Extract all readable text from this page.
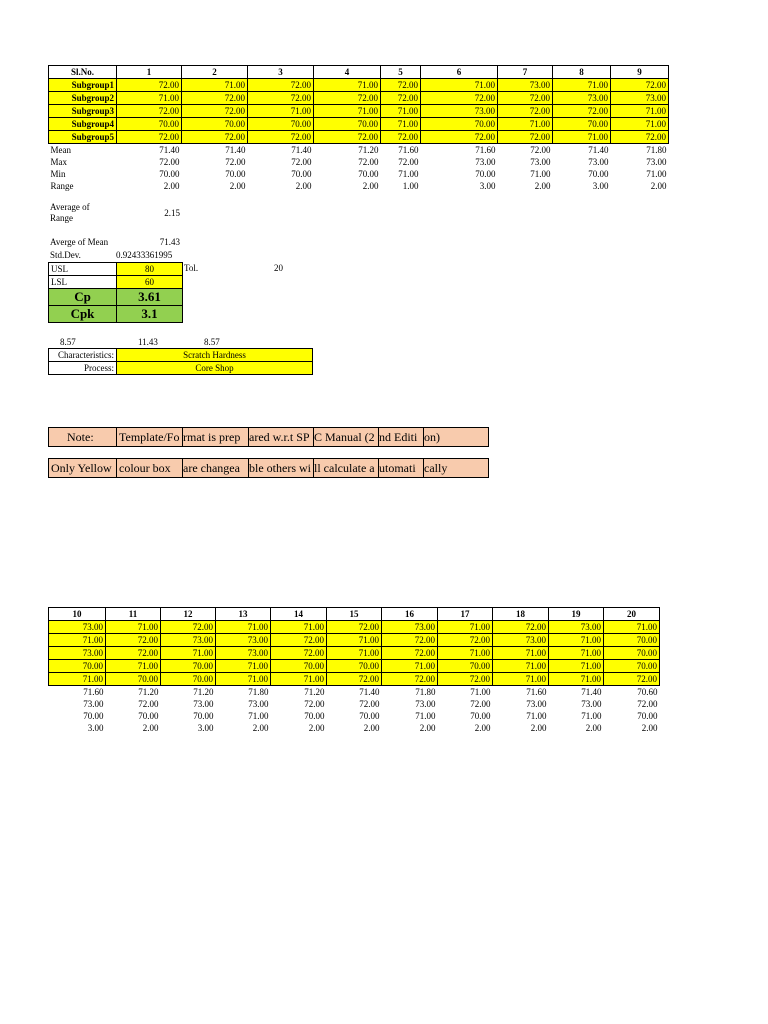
Sl.No.	1	2	3	4	5	6	7	8	9
Subgroup1	72.00	71.00	72.00	71.00	72.00	71.00	73.00	71.00	72.00
Subgroup2	71.00	72.00	72.00	72.00	72.00	72.00	72.00	73.00	73.00
Subgroup3	72.00	72.00	71.00	71.00	71.00	73.00	72.00	72.00	71.00
Subgroup4	70.00	70.00	70.00	70.00	71.00	70.00	71.00	70.00	71.00
Subgroup5	72.00	72.00	72.00	72.00	72.00	72.00	72.00	71.00	72.00
Mean	71.40	71.40	71.40	71.20	71.60	71.60	72.00	71.40	71.80
Max	72.00	72.00	72.00	72.00	72.00	73.00	73.00	73.00	73.00
Min	70.00	70.00	70.00	70.00	71.00	70.00	71.00	70.00	71.00
Range	2.00	2.00	2.00	2.00	1.00	3.00	2.00	3.00	2.00
Average of
Range	2.15
Averge of Mean	71.43
Std.Dev.	0.92433361995
USL	80
LSL	60
Tol.	20
Cp	3.61
Cpk	3.1
8.57	11.43	8.57
Characteristics:	Scratch Hardness
Process:	Core Shop
Note: Template/Fo rmat is prep ared w.r.t SP C Manual (2 nd Editi on)
Only Yellow colour box are changea ble others wi ll calculate a utomati cally
10	11	12	13	14	15	16	17	18	19	20
73.00	71.00	72.00	71.00	71.00	72.00	73.00	71.00	72.00	73.00	71.00
71.00	72.00	73.00	73.00	72.00	71.00	72.00	72.00	73.00	71.00	70.00
73.00	72.00	71.00	73.00	72.00	71.00	72.00	71.00	71.00	71.00	70.00
70.00	71.00	70.00	71.00	70.00	70.00	71.00	70.00	71.00	71.00	70.00
71.00	70.00	70.00	71.00	71.00	72.00	72.00	72.00	71.00	71.00	72.00
71.60	71.20	71.20	71.80	71.20	71.40	71.80	71.00	71.60	71.40	70.60
73.00	72.00	73.00	73.00	72.00	72.00	73.00	72.00	73.00	73.00	72.00
70.00	70.00	70.00	71.00	70.00	70.00	71.00	70.00	71.00	71.00	70.00
3.00	2.00	3.00	2.00	2.00	2.00	2.00	2.00	2.00	2.00	2.00
